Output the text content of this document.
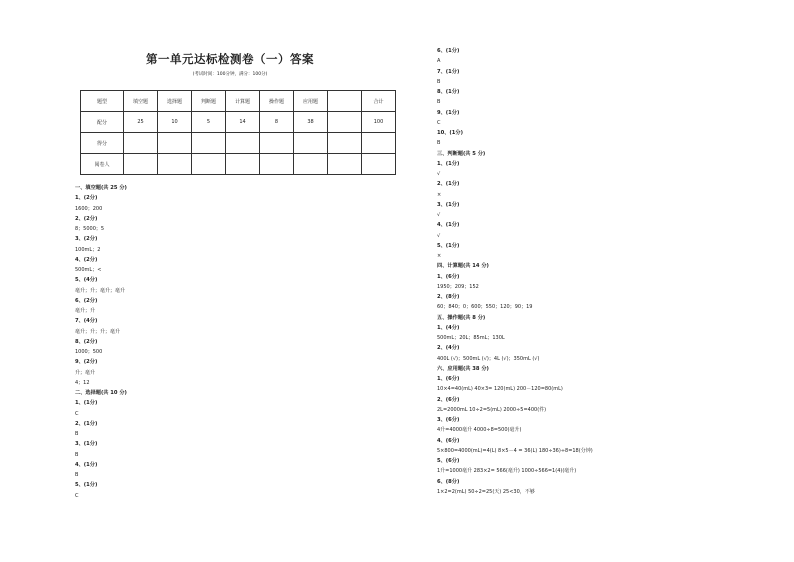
第一单元达标检测卷（一）答案
(考试时间：100分钟，满分：100分)
题型	填空题	选择题	判断题	计算题	操作题	应用题		合计
配分	25	10	5	14	8	38		100
得分								
阅卷人								
一、填空题(共 25 分)
1、(2分)
1600；200
2、(2分)
8；5000；5
3、(2分)
100mL；2
4、(2分)
500mL；<
5、(4分)
毫升；升；毫升；毫升
6、(2分)
毫升；升
7、(4分)
毫升；升；升；毫升
8、(2分)
1000；500
9、(2分)
升；毫升
4；12
二、选择题(共 10 分)
1、(1分)
C
2、(1分)
B
3、(1分)
B
4、(1分)
B
5、(1分)
C
6、(1分)
A
7、(1分)
B
8、(1分)
B
9、(1分)
C
10、(1分)
B
三、判断题(共 5 分)
1、(1分)
√
2、(1分)
×
3、(1分)
√
4、(1分)
√
5、(1分)
×
四、计算题(共 14 分)
1、(6分)
1950；209；152
2、(8分)
60；840；0；600；550；120；90；19
五、操作题(共 8 分)
1、(4分)
500mL；20L；85mL；130L
2、(4分)
400L (√)；500mL (√)；4L (√)；350mL (√)
六、应用题(共 38 分)
1、(6分)
10×4=40(mL) 40×3= 120(mL) 200－120=80(mL)
2、(6分)
2L=2000mL 10÷2=5(mL) 2000÷5=400(件)
3、(6分)
4升=4000毫升 4000÷8=500(毫升)
4、(6分)
5×800=4000(mL)=4(L) 8×5－4 = 36(L) 180÷36)÷8=18(分钟)
5、(6分)
1升=1000毫升 283×2= 566(毫升) 1000÷566=1(4)(毫升)
6、(8分)
1×2=2(mL) 50÷2=25(天) 25<30，不够
